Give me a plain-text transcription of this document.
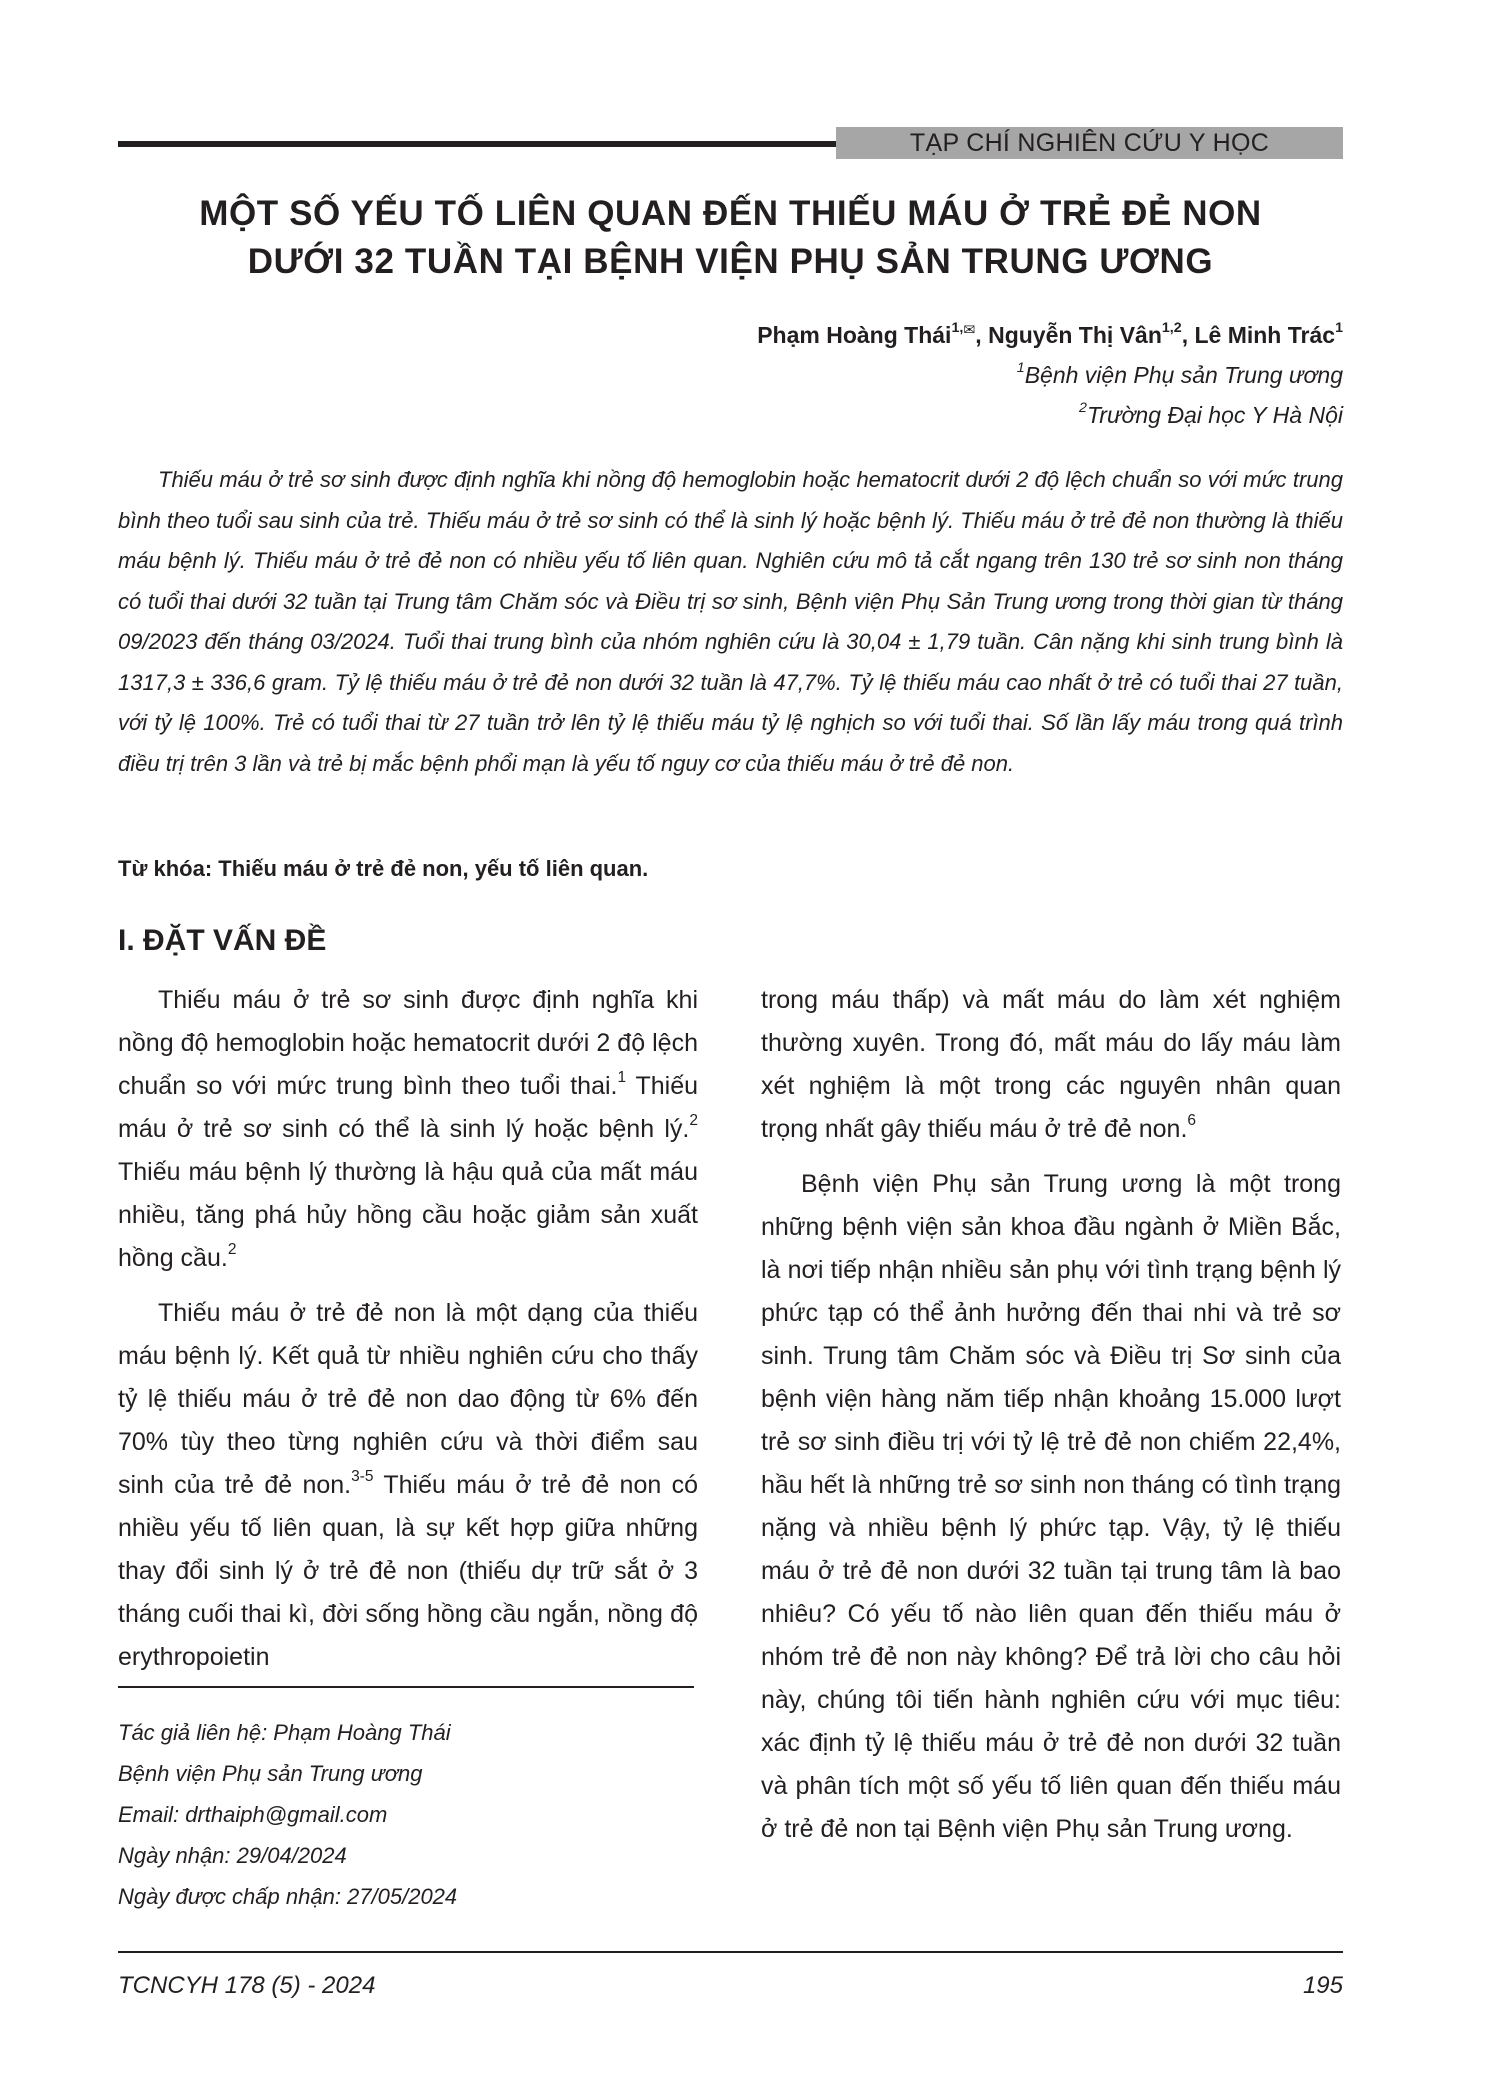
TẠP CHÍ NGHIÊN CỨU Y HỌC
MỘT SỐ YẾU TỐ LIÊN QUAN ĐẾN THIẾU MÁU Ở TRẺ ĐẺ NON
DƯỚI 32 TUẦN TẠI BỆNH VIỆN PHỤ SẢN TRUNG ƯƠNG
Phạm Hoàng Thái$^{1,✉}$, Nguyễn Thị Vân$^{1,2}$, Lê Minh Trác$^1$
$^1$Bệnh viện Phụ sản Trung ương
$^2$Trường Đại học Y Hà Nội

Thiếu máu ở trẻ sơ sinh được định nghĩa khi nồng độ hemoglobin hoặc hematocrit dưới 2 độ lệch chuẩn so với mức trung bình theo tuổi sau sinh của trẻ. Thiếu máu ở trẻ sơ sinh có thể là sinh lý hoặc bệnh lý. Thiếu máu ở trẻ đẻ non thường là thiếu máu bệnh lý. Thiếu máu ở trẻ đẻ non có nhiều yếu tố liên quan. Nghiên cứu mô tả cắt ngang trên 130 trẻ sơ sinh non tháng có tuổi thai dưới 32 tuần tại Trung tâm Chăm sóc và Điều trị sơ sinh, Bệnh viện Phụ Sản Trung ương trong thời gian từ tháng 09/2023 đến tháng 03/2024. Tuổi thai trung bình của nhóm nghiên cứu là 30,04 ± 1,79 tuần. Cân nặng khi sinh trung bình là 1317,3 ± 336,6 gram. Tỷ lệ thiếu máu ở trẻ đẻ non dưới 32 tuần là 47,7%. Tỷ lệ thiếu máu cao nhất ở trẻ có tuổi thai 27 tuần, với tỷ lệ 100%. Trẻ có tuổi thai từ 27 tuần trở lên tỷ lệ thiếu máu tỷ lệ nghịch so với tuổi thai. Số lần lấy máu trong quá trình điều trị trên 3 lần và trẻ bị mắc bệnh phổi mạn là yếu tố nguy cơ của thiếu máu ở trẻ đẻ non.

Từ khóa: Thiếu máu ở trẻ đẻ non, yếu tố liên quan.
I. ĐẶT VẤN ĐỀ

Thiếu máu ở trẻ sơ sinh được định nghĩa khi nồng độ hemoglobin hoặc hematocrit dưới 2 độ lệch chuẩn so với mức trung bình theo tuổi thai.$^1$ Thiếu máu ở trẻ sơ sinh có thể là sinh lý hoặc bệnh lý.$^2$ Thiếu máu bệnh lý thường là hậu quả của mất máu nhiều, tăng phá hủy hồng cầu hoặc giảm sản xuất hồng cầu.$^2$

Thiếu máu ở trẻ đẻ non là một dạng của thiếu máu bệnh lý. Kết quả từ nhiều nghiên cứu cho thấy tỷ lệ thiếu máu ở trẻ đẻ non dao động từ 6% đến 70% tùy theo từng nghiên cứu và thời điểm sau sinh của trẻ đẻ non.$^{3-5}$ Thiếu máu ở trẻ đẻ non có nhiều yếu tố liên quan, là sự kết hợp giữa những thay đổi sinh lý ở trẻ đẻ non (thiếu dự trữ sắt ở 3 tháng cuối thai kì, đời sống hồng cầu ngắn, nồng độ erythropoietin

trong máu thấp) và mất máu do làm xét nghiệm thường xuyên. Trong đó, mất máu do lấy máu làm xét nghiệm là một trong các nguyên nhân quan trọng nhất gây thiếu máu ở trẻ đẻ non.$^6$

Bệnh viện Phụ sản Trung ương là một trong những bệnh viện sản khoa đầu ngành ở Miền Bắc, là nơi tiếp nhận nhiều sản phụ với tình trạng bệnh lý phức tạp có thể ảnh hưởng đến thai nhi và trẻ sơ sinh. Trung tâm Chăm sóc và Điều trị Sơ sinh của bệnh viện hàng năm tiếp nhận khoảng 15.000 lượt trẻ sơ sinh điều trị với tỷ lệ trẻ đẻ non chiếm 22,4%, hầu hết là những trẻ sơ sinh non tháng có tình trạng nặng và nhiều bệnh lý phức tạp. Vậy, tỷ lệ thiếu máu ở trẻ đẻ non dưới 32 tuần tại trung tâm là bao nhiêu? Có yếu tố nào liên quan đến thiếu máu ở nhóm trẻ đẻ non này không? Để trả lời cho câu hỏi này, chúng tôi tiến hành nghiên cứu với mục tiêu: xác định tỷ lệ thiếu máu ở trẻ đẻ non dưới 32 tuần và phân tích một số yếu tố liên quan đến thiếu máu ở trẻ đẻ non tại Bệnh viện Phụ sản Trung ương.

Tác giả liên hệ: Phạm Hoàng Thái
Bệnh viện Phụ sản Trung ương
Email: drthaiph@gmail.com
Ngày nhận: 29/04/2024
Ngày được chấp nhận: 27/05/2024
TCNCYH 178 (5) - 2024	195
